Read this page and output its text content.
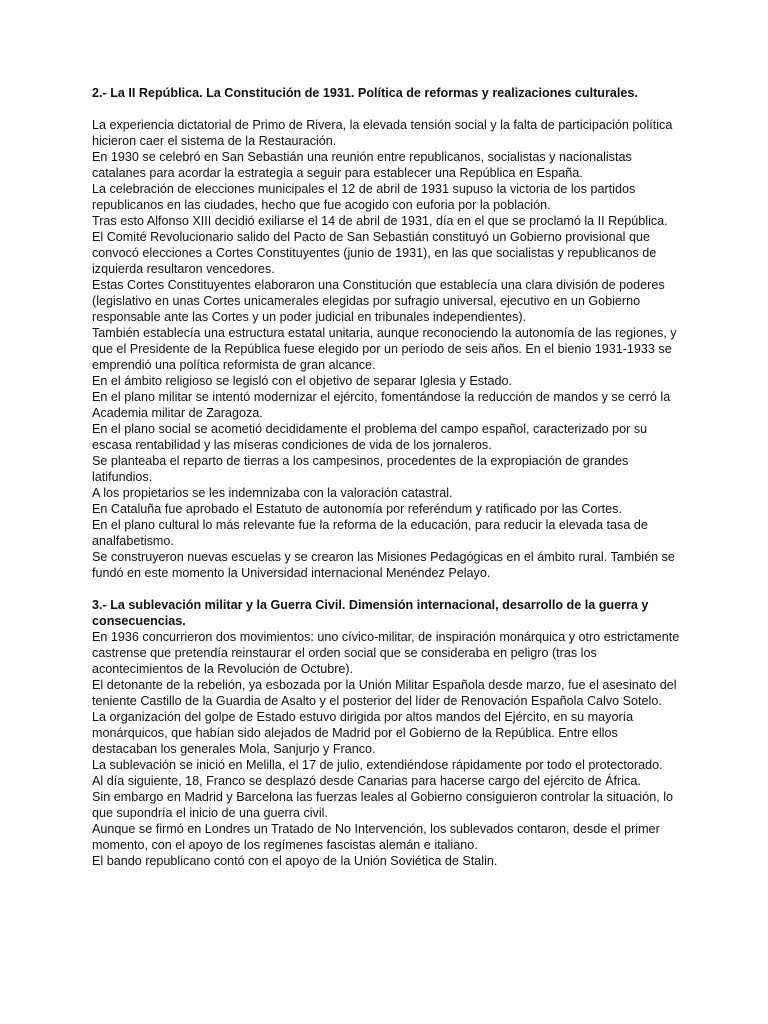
2.- La II República. La Constitución de 1931. Política de reformas y realizaciones culturales.

La experiencia dictatorial de Primo de Rivera, la elevada tensión social y la falta de participación política hicieron caer el sistema de la Restauración.

En 1930 se celebró en San Sebastián una reunión entre republicanos, socialistas y nacionalistas catalanes para acordar la estrategia a seguir para establecer una República en España.

La celebración de elecciones municipales el 12 de abril de 1931 supuso la victoria de los partidos republicanos en las ciudades, hecho que fue acogido con euforia por la población.

Tras esto Alfonso XIII decidió exiliarse el 14 de abril de 1931, día en el que se proclamó la II República.

El Comité Revolucionario salido del Pacto de San Sebastián constituyó un Gobierno provisional que convocó elecciones a Cortes Constituyentes (junio de 1931), en las que socialistas y republicanos de izquierda resultaron vencedores.

Estas Cortes Constituyentes elaboraron una Constitución que establecía una clara división de poderes (legislativo en unas Cortes unicamerales elegidas por sufragio universal, ejecutivo en un Gobierno responsable ante las Cortes y un poder judicial en tribunales independientes).

También establecía una estructura estatal unitaria, aunque reconociendo la autonomía de las regiones, y que el Presidente de la República fuese elegido por un período de seis años. En el bienio 1931-1933 se emprendió una política reformista de gran alcance.

En el ámbito religioso se legisló con el objetivo de separar Iglesia y Estado.

En el plano militar se intentó modernizar el ejército, fomentándose la reducción de mandos y se cerró la Academia militar de Zaragoza.

En el plano social se acometió decididamente el problema del campo español, caracterizado por su escasa rentabilidad y las míseras condiciones de vida de los jornaleros.

Se planteaba el reparto de tierras a los campesinos, procedentes de la expropiación de grandes latifundios.

A los propietarios se les indemnizaba con la valoración catastral.

En Cataluña fue aprobado el Estatuto de autonomía por referéndum y ratificado por las Cortes.

En el plano cultural lo más relevante fue la reforma de la educación, para reducir la elevada tasa de analfabetismo.

Se construyeron nuevas escuelas y se crearon las Misiones Pedagógicas en el ámbito rural. También se fundó en este momento la Universidad internacional Menéndez Pelayo.

3.- La sublevación militar y la Guerra Civil. Dimensión internacional, desarrollo de la guerra y consecuencias.

En 1936 concurrieron dos movimientos: uno cívico-militar, de inspiración monárquica y otro estrictamente castrense que pretendía reinstaurar el orden social que se consideraba en peligro (tras los acontecimientos de la Revolución de Octubre).

El detonante de la rebelión, ya esbozada por la Unión Militar Española desde marzo, fue el asesinato del teniente Castillo de la Guardia de Asalto y el posterior del líder de Renovación Española Calvo Sotelo.

La organización del golpe de Estado estuvo dirigida por altos mandos del Ejército, en su mayoría monárquicos, que habían sido alejados de Madrid por el Gobierno de la República. Entre ellos destacaban los generales Mola, Sanjurjo y Franco.

La sublevación se inició en Melilla, el 17 de julio, extendiéndose rápidamente por todo el protectorado.

Al día siguiente, 18, Franco se desplazó desde Canarias para hacerse cargo del ejército de África.

Sin embargo en Madrid y Barcelona las fuerzas leales al Gobierno consiguieron controlar la situación, lo que supondría el inicio de una guerra civil.

Aunque se firmó en Londres un Tratado de No Intervención, los sublevados contaron, desde el primer momento, con el apoyo de los regímenes fascistas alemán e italiano.

El bando republicano contó con el apoyo de la Unión Soviética de Stalin.
